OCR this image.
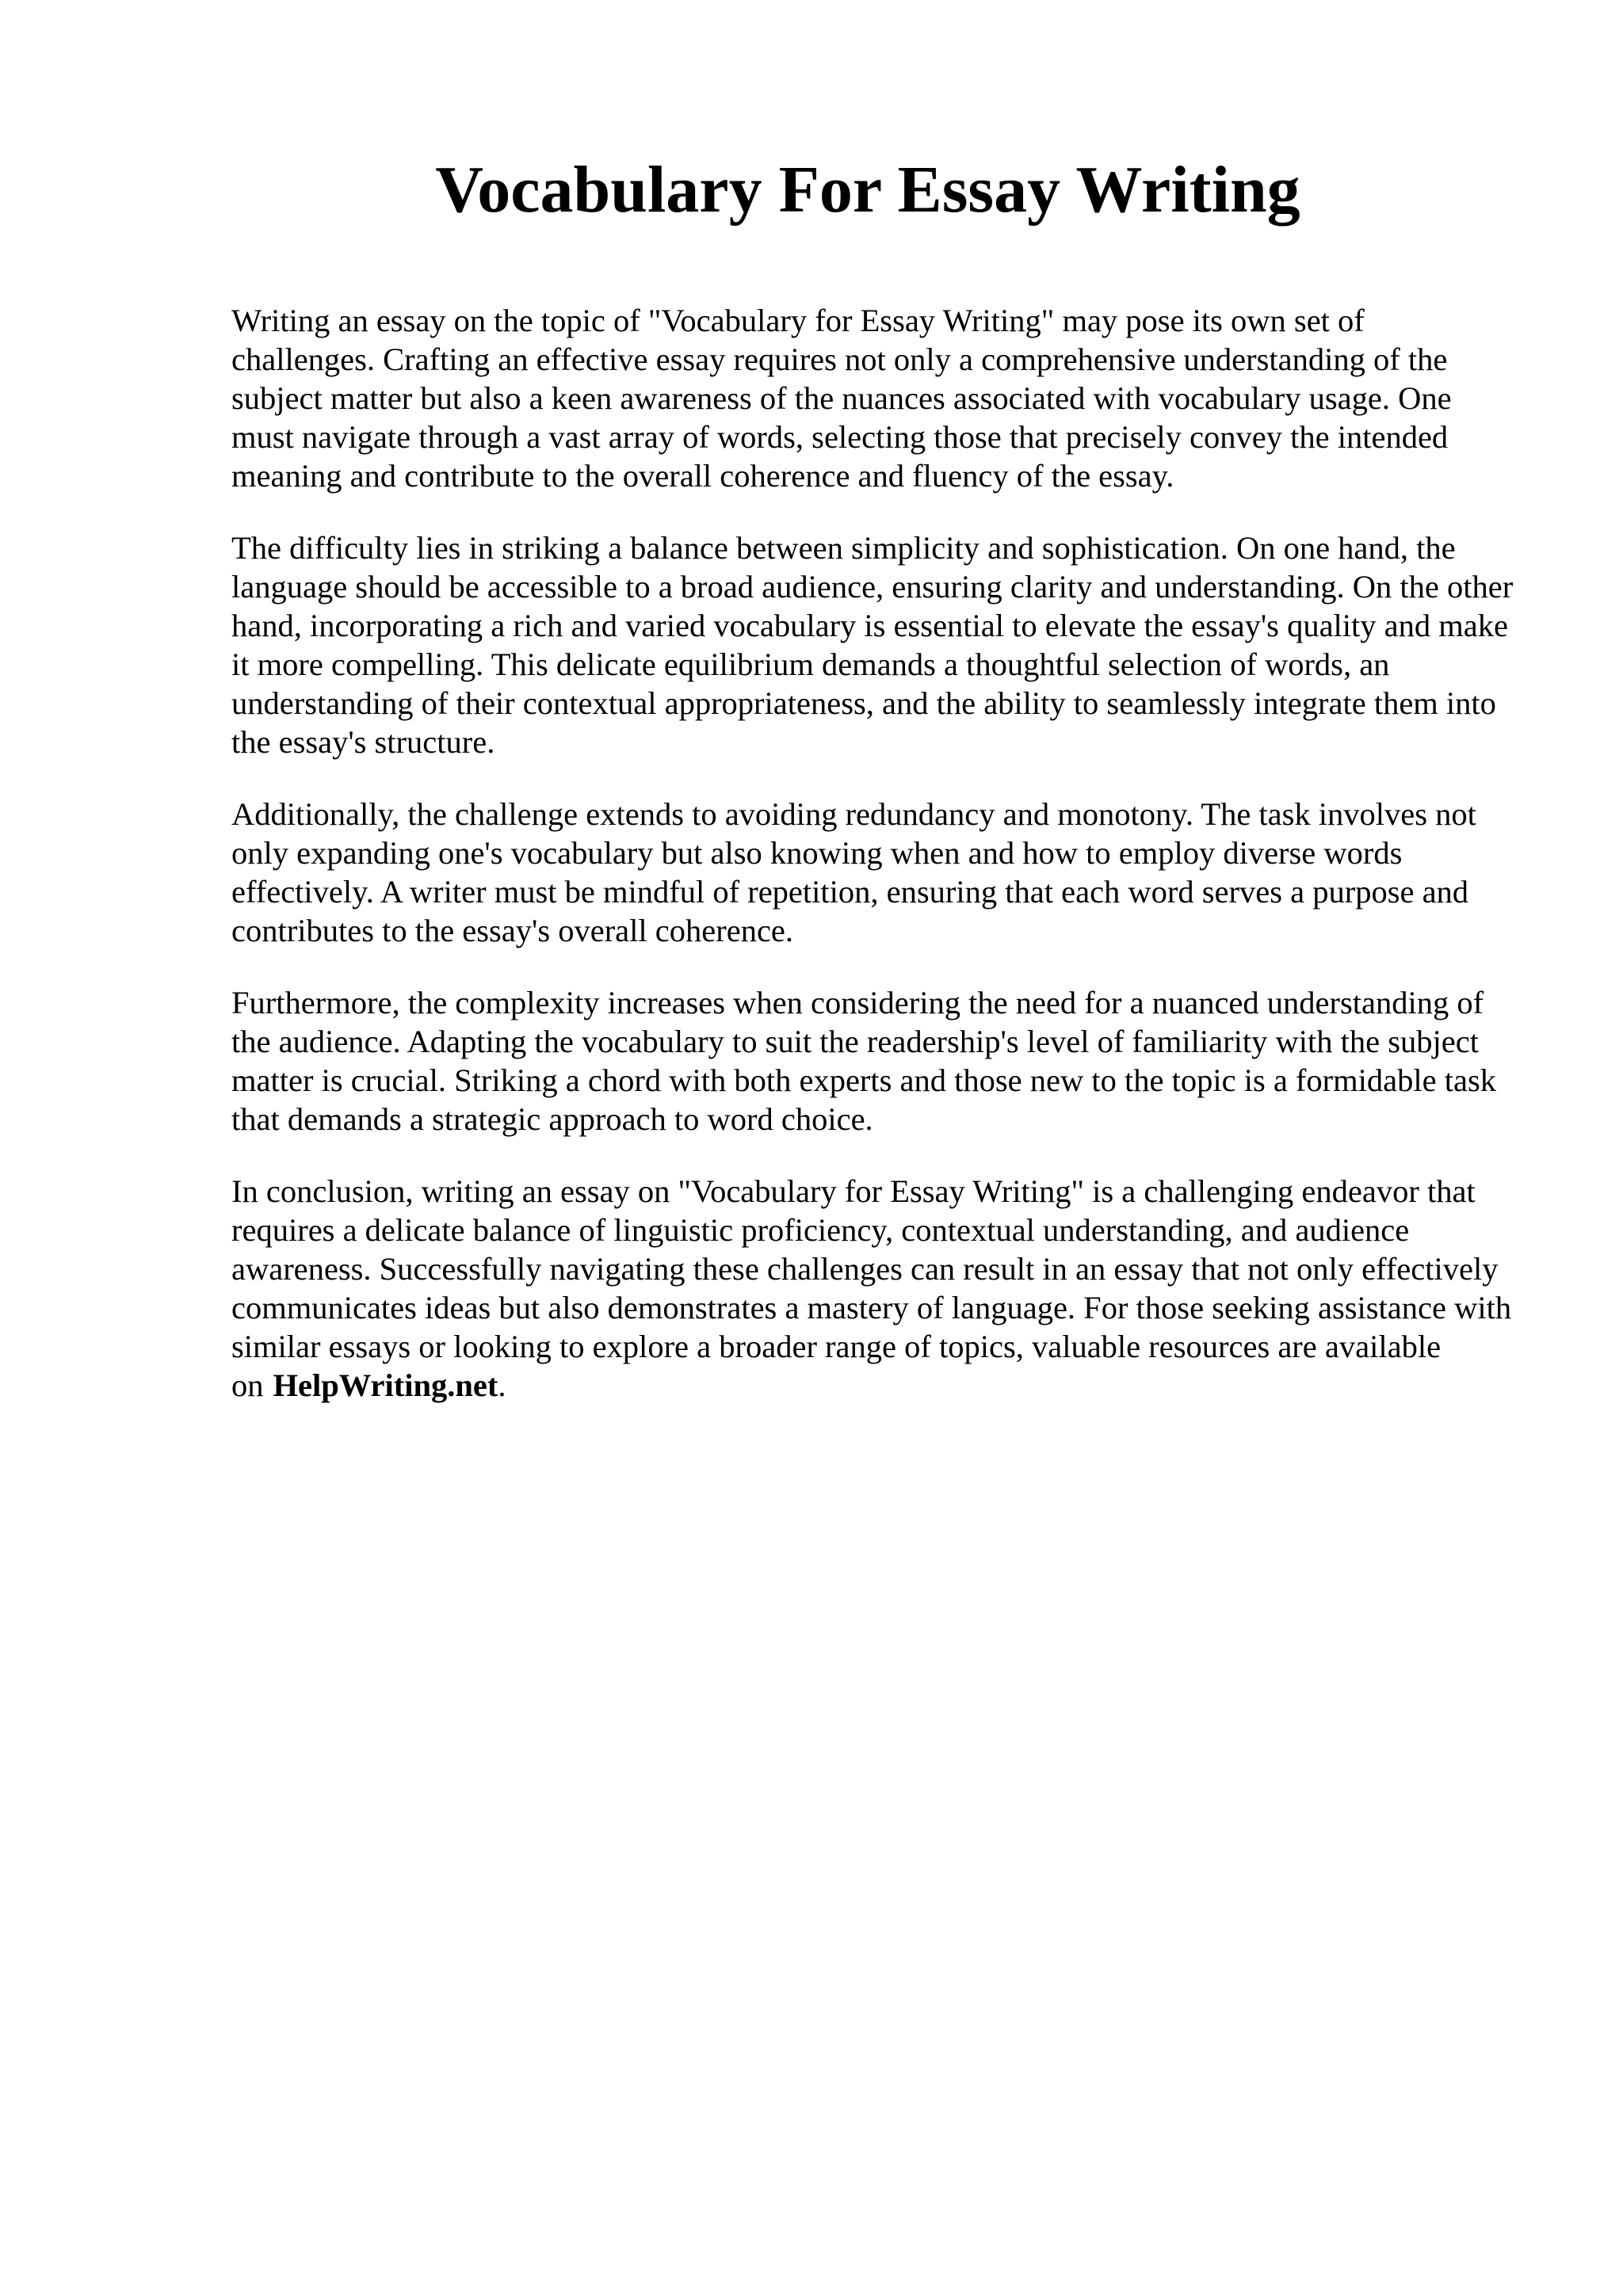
Vocabulary For Essay Writing

Writing an essay on the topic of "Vocabulary for Essay Writing" may pose its own set of challenges. Crafting an effective essay requires not only a comprehensive understanding of the subject matter but also a keen awareness of the nuances associated with vocabulary usage. One must navigate through a vast array of words, selecting those that precisely convey the intended meaning and contribute to the overall coherence and fluency of the essay.

The difficulty lies in striking a balance between simplicity and sophistication. On one hand, the language should be accessible to a broad audience, ensuring clarity and understanding. On the other hand, incorporating a rich and varied vocabulary is essential to elevate the essay's quality and make it more compelling. This delicate equilibrium demands a thoughtful selection of words, an understanding of their contextual appropriateness, and the ability to seamlessly integrate them into the essay's structure.

Additionally, the challenge extends to avoiding redundancy and monotony. The task involves not only expanding one's vocabulary but also knowing when and how to employ diverse words effectively. A writer must be mindful of repetition, ensuring that each word serves a purpose and contributes to the essay's overall coherence.

Furthermore, the complexity increases when considering the need for a nuanced understanding of the audience. Adapting the vocabulary to suit the readership's level of familiarity with the subject matter is crucial. Striking a chord with both experts and those new to the topic is a formidable task that demands a strategic approach to word choice.

In conclusion, writing an essay on "Vocabulary for Essay Writing" is a challenging endeavor that requires a delicate balance of linguistic proficiency, contextual understanding, and audience awareness. Successfully navigating these challenges can result in an essay that not only effectively communicates ideas but also demonstrates a mastery of language. For those seeking assistance with similar essays or looking to explore a broader range of topics, valuable resources are available on HelpWriting.net.
